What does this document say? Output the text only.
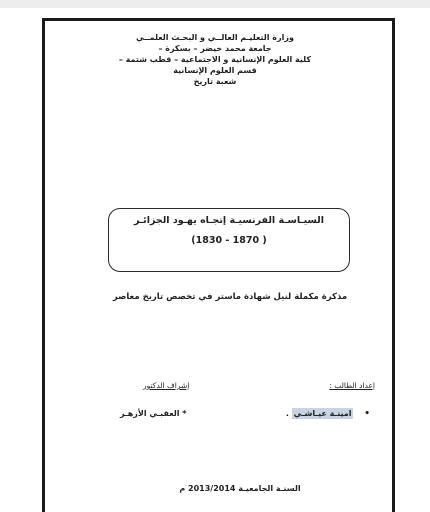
وزارة التعليـم العالــي و البحـث العلمــي
جامعة محمد خيضر – بسكرة –
كلية العلوم الإنسانية و الاجتماعية – قطب شتمة –
قسم العلوم الإنسانية
شعبة تاريخ
السيـاسـة الفرنسيـة إتجـاه يهـود الجزائـر
(1830 - 1870 )
مذكرة مكملة لنيل شهادة ماستر في تخصص تاريخ معاصر
إعداد الطالب :
إشراف الدكتور
• امينـة عيـاشـي .
* العقبـي الأزهـر
السنـة الجامعيـة 2013/2014 م
